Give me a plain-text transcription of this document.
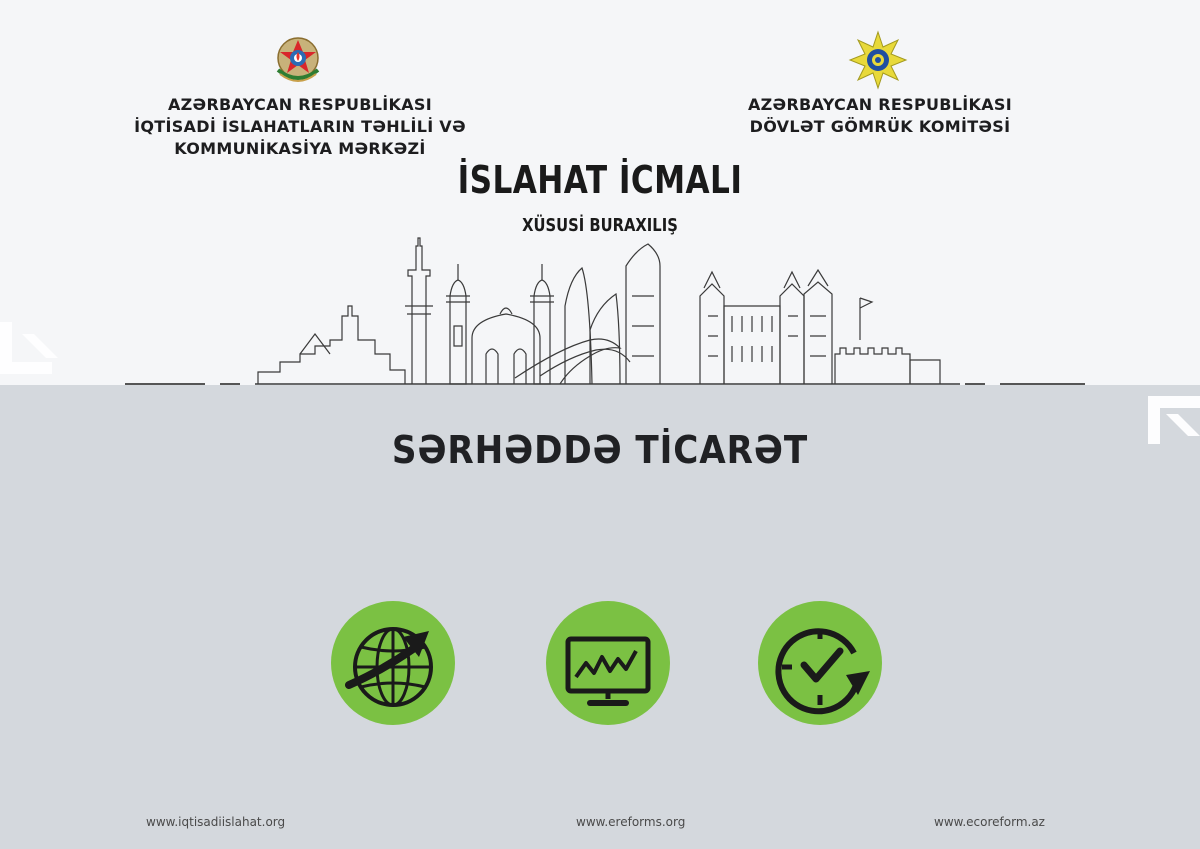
AZƏRBAYCAN RESPUBLİKASI
İQTİSADİ İSLAHATLARIN TƏHLİLİ VƏ
KOMMUNİKASİYA MƏRKƏZİ
AZƏRBAYCAN RESPUBLİKASI
DÖVLƏT GÖMRÜK KOMİTƏSİ
İSLAHAT İCMALI
XÜSUSİ BURAXILIŞ
SƏRHƏDDƏ TİCARƏT
www.iqtisadiislahat.org	www.ereforms.org	www.ecoreform.az
